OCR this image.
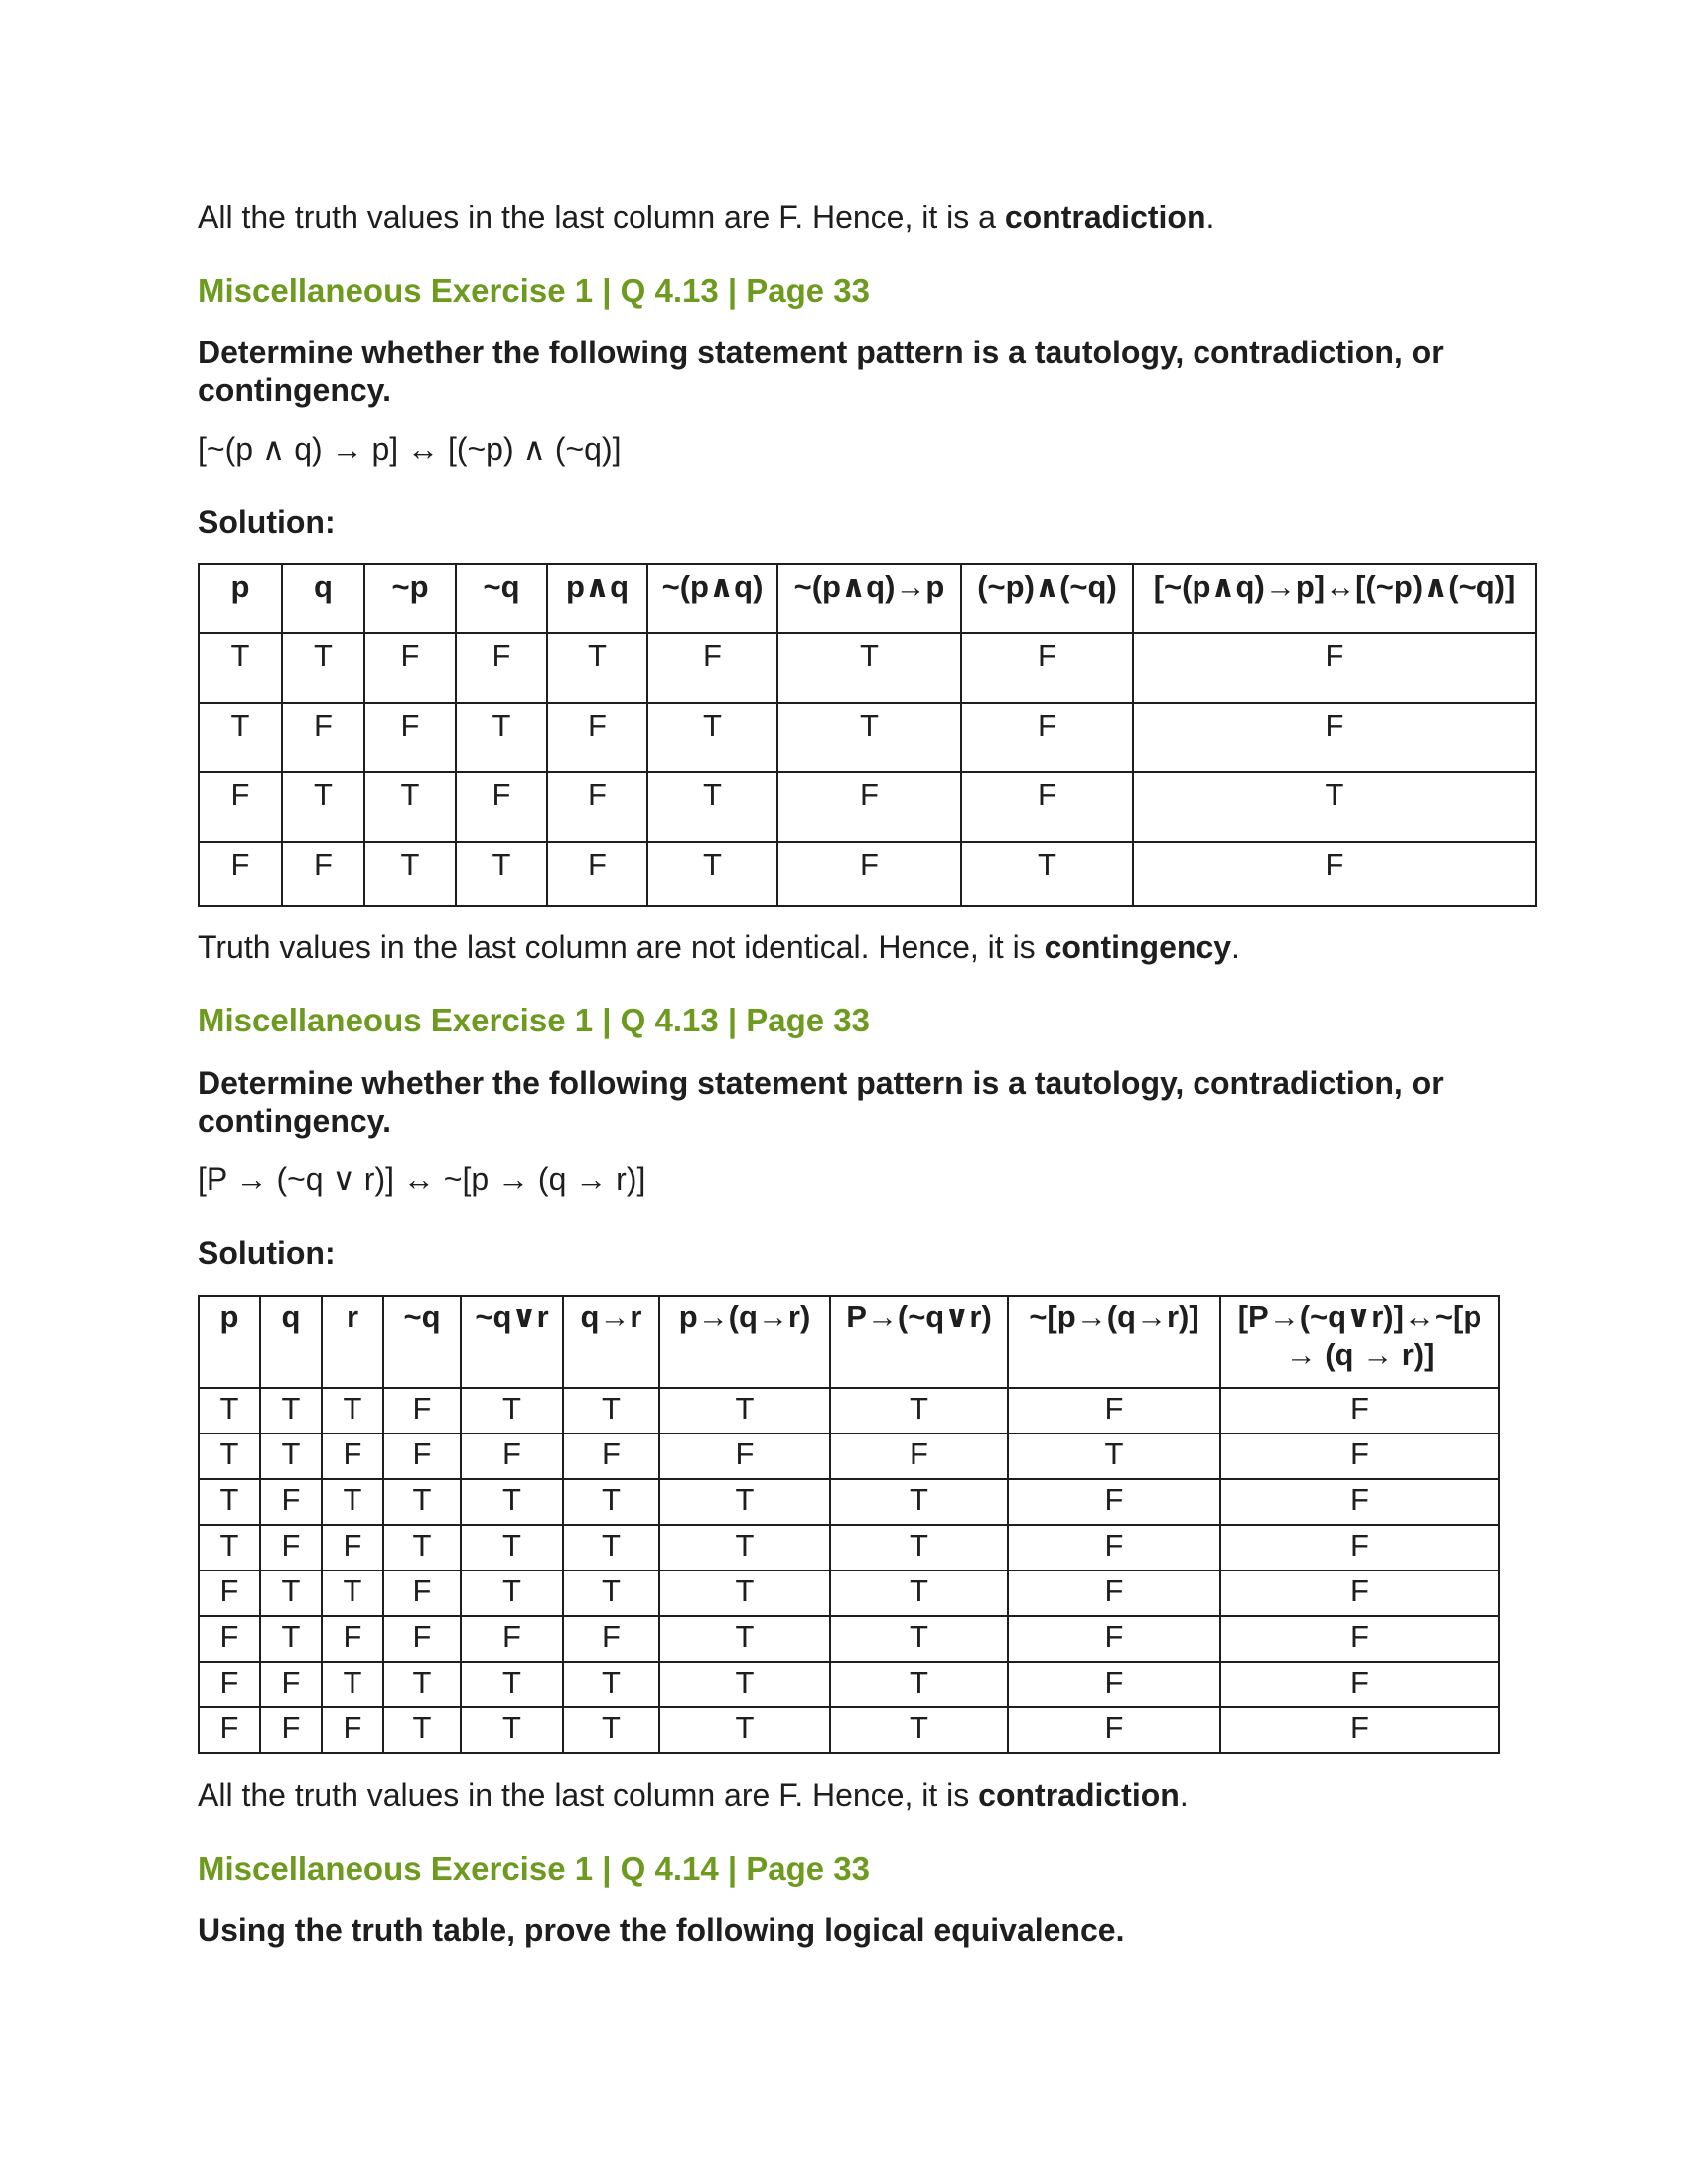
All the truth values in the last column are F. Hence, it is a contradiction.
Miscellaneous Exercise 1 | Q 4.13 | Page 33
Determine whether the following statement pattern is a tautology, contradiction, or contingency.
[~(p ∧ q) → p] ↔ [(~p) ∧ (~q)]
Solution:
p	q	~p	~q	p∧q	~(p∧q)	~(p∧q)→p	(~p)∧(~q)	[~(p∧q)→p]↔[(~p)∧(~q)]
T	T	F	F	T	F	T	F	F
T	F	F	T	F	T	T	F	F
F	T	T	F	F	T	F	F	T
F	F	T	T	F	T	F	T	F
Truth values in the last column are not identical. Hence, it is contingency.
Miscellaneous Exercise 1 | Q 4.13 | Page 33
Determine whether the following statement pattern is a tautology, contradiction, or contingency.
[P → (~q ∨ r)] ↔ ~[p → (q → r)]
Solution:
p	q	r	~q	~q∨r	q→r	p→(q→r)	P→(~q∨r)	~[p→(q→r)]	[P→(~q∨r)]↔~[p → (q → r)]
T	T	T	F	T	T	T	T	F	F
T	T	F	F	F	F	F	F	T	F
T	F	T	T	T	T	T	T	F	F
T	F	F	T	T	T	T	T	F	F
F	T	T	F	T	T	T	T	F	F
F	T	F	F	F	F	T	T	F	F
F	F	T	T	T	T	T	T	F	F
F	F	F	T	T	T	T	T	F	F
All the truth values in the last column are F. Hence, it is contradiction.
Miscellaneous Exercise 1 | Q 4.14 | Page 33
Using the truth table, prove the following logical equivalence.
